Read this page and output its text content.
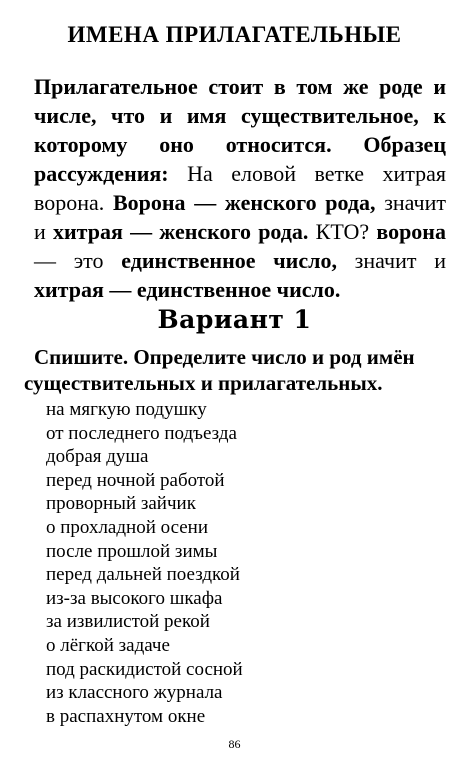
ИМЕНА ПРИЛАГАТЕЛЬНЫЕ
Прилагательное стоит в том же роде и числе, что и имя существительное, к которому оно относится. Образец рассуждения: На еловой ветке хитрая ворона. Ворона — женского рода, значит и хитрая — женского рода. КТО? ворона — это единственное число, значит и хитрая — единственное число.
Вариант 1
Спишите. Определите число и род имён
существительных и прилагательных.
на мягкую подушку
от последнего подъезда
добрая душа
перед ночной работой
проворный зайчик
о прохладной осени
после прошлой зимы
перед дальней поездкой
из-за высокого шкафа
за извилистой рекой
о лёгкой задаче
под раскидистой сосной
из классного журнала
в распахнутом окне
86
